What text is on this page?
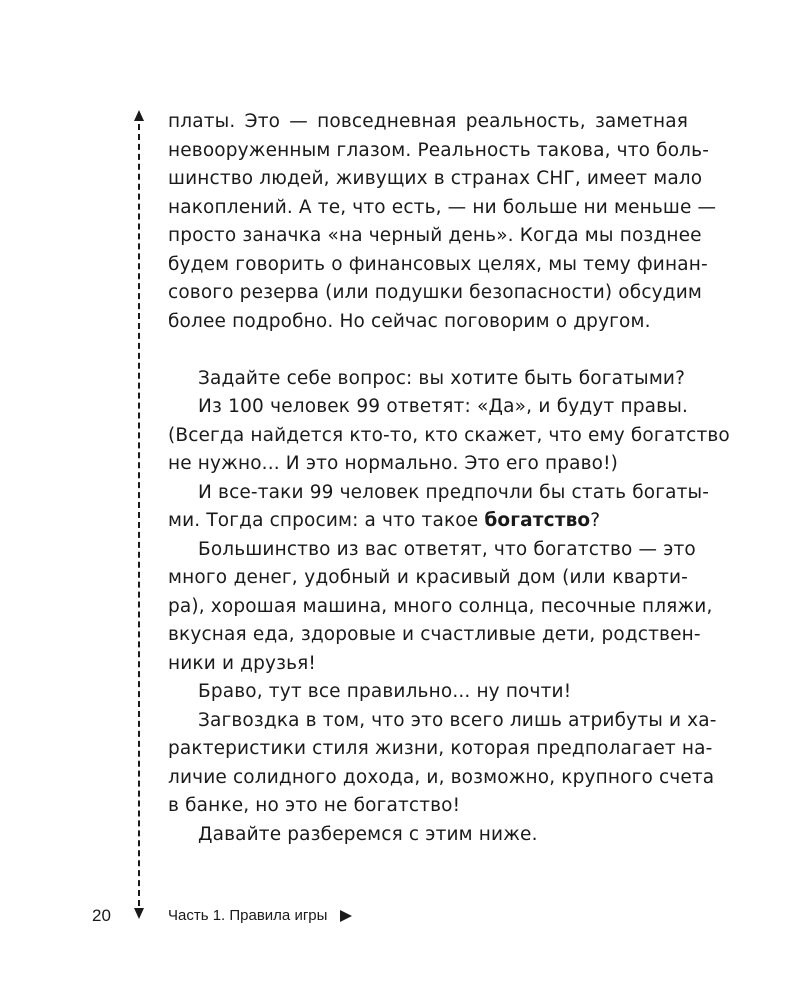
платы. Это — повседневная реальность, заметная
невооруженным глазом. Реальность такова, что боль-
шинство людей, живущих в странах СНГ, имеет мало
накоплений. А те, что есть, — ни больше ни меньше —
просто заначка «на черный день». Когда мы позднее
будем говорить о финансовых целях, мы тему финан-
сового резерва (или подушки безопасности) обсудим
более подробно. Но сейчас поговорим о другом.
Задайте себе вопрос: вы хотите быть богатыми?
Из 100 человек 99 ответят: «Да», и будут правы.
(Всегда найдется кто-то, кто скажет, что ему богатство
не нужно... И это нормально. Это его право!)
И все-таки 99 человек предпочли бы стать богаты-
ми. Тогда спросим: а что такое богатство?
Большинство из вас ответят, что богатство — это
много денег, удобный и красивый дом (или кварти-
ра), хорошая машина, много солнца, песочные пляжи,
вкусная еда, здоровые и счастливые дети, родствен-
ники и друзья!
Браво, тут все правильно... ну почти!
Загвоздка в том, что это всего лишь атрибуты и ха-
рактеристики стиля жизни, которая предполагает на-
личие солидного дохода, и, возможно, крупного счета
в банке, но это не богатство!
Давайте разберемся с этим ниже.
20	Часть 1. Правила игры
